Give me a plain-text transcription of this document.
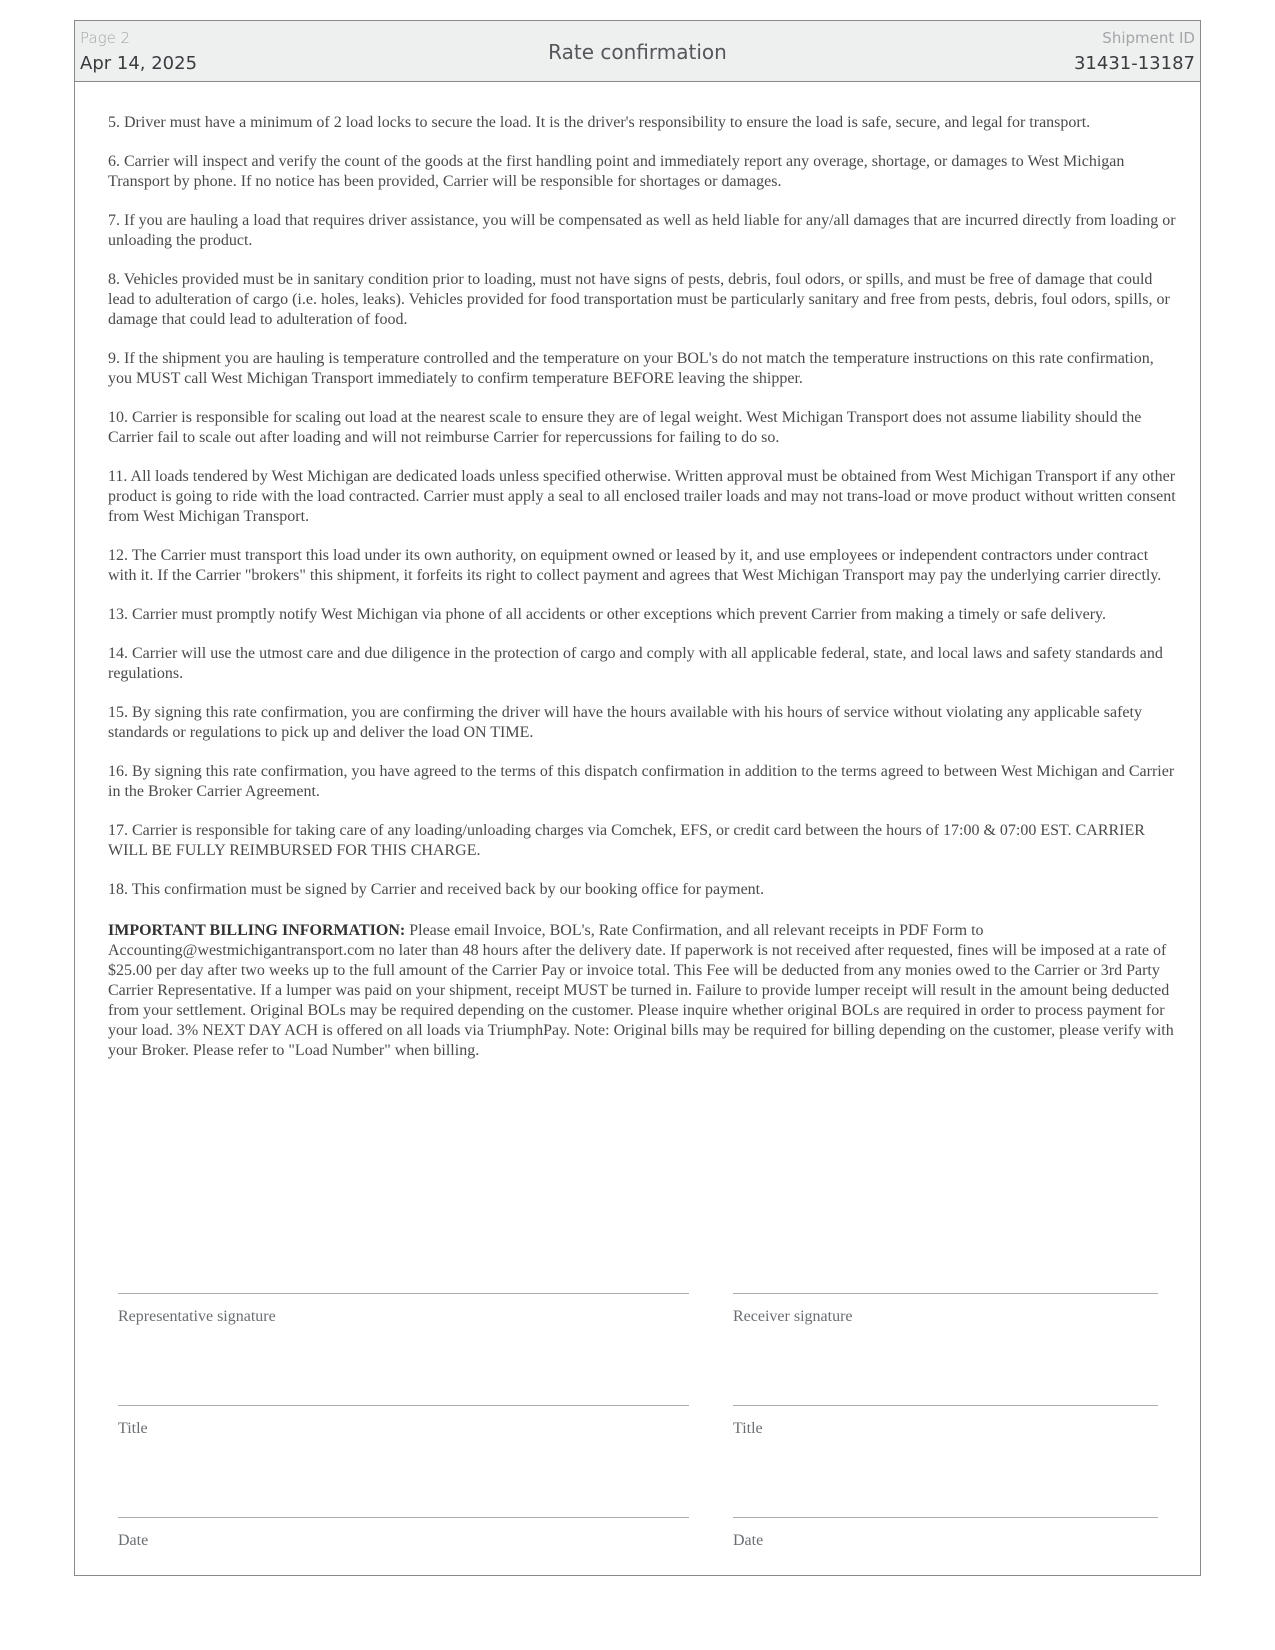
Page 2
Apr 14, 2025	Rate confirmation
Shipment ID
31431-13187

5. Driver must have a minimum of 2 load locks to secure the load. It is the driver's responsibility to ensure the load is safe, secure, and legal for transport.

6. Carrier will inspect and verify the count of the goods at the first handling point and immediately report any overage, shortage, or damages to West Michigan Transport by phone. If no notice has been provided, Carrier will be responsible for shortages or damages.

7. If you are hauling a load that requires driver assistance, you will be compensated as well as held liable for any/all damages that are incurred directly from loading or unloading the product.

8. Vehicles provided must be in sanitary condition prior to loading, must not have signs of pests, debris, foul odors, or spills, and must be free of damage that could lead to adulteration of cargo (i.e. holes, leaks). Vehicles provided for food transportation must be particularly sanitary and free from pests, debris, foul odors, spills, or damage that could lead to adulteration of food.

9. If the shipment you are hauling is temperature controlled and the temperature on your BOL's do not match the temperature instructions on this rate confirmation, you MUST call West Michigan Transport immediately to confirm temperature BEFORE leaving the shipper.

10. Carrier is responsible for scaling out load at the nearest scale to ensure they are of legal weight. West Michigan Transport does not assume liability should the Carrier fail to scale out after loading and will not reimburse Carrier for repercussions for failing to do so.

11. All loads tendered by West Michigan are dedicated loads unless specified otherwise. Written approval must be obtained from West Michigan Transport if any other product is going to ride with the load contracted. Carrier must apply a seal to all enclosed trailer loads and may not trans-load or move product without written consent from West Michigan Transport.

12. The Carrier must transport this load under its own authority, on equipment owned or leased by it, and use employees or independent contractors under contract with it. If the Carrier "brokers" this shipment, it forfeits its right to collect payment and agrees that West Michigan Transport may pay the underlying carrier directly.

13. Carrier must promptly notify West Michigan via phone of all accidents or other exceptions which prevent Carrier from making a timely or safe delivery.

14. Carrier will use the utmost care and due diligence in the protection of cargo and comply with all applicable federal, state, and local laws and safety standards and regulations.

15. By signing this rate confirmation, you are confirming the driver will have the hours available with his hours of service without violating any applicable safety standards or regulations to pick up and deliver the load ON TIME.

16. By signing this rate confirmation, you have agreed to the terms of this dispatch confirmation in addition to the terms agreed to between West Michigan and Carrier in the Broker Carrier Agreement.

17. Carrier is responsible for taking care of any loading/unloading charges via Comchek, EFS, or credit card between the hours of 17:00 & 07:00 EST. CARRIER WILL BE FULLY REIMBURSED FOR THIS CHARGE.

18. This confirmation must be signed by Carrier and received back by our booking office for payment.

IMPORTANT BILLING INFORMATION: Please email Invoice, BOL's, Rate Confirmation, and all relevant receipts in PDF Form to Accounting@westmichigantransport.com no later than 48 hours after the delivery date. If paperwork is not received after requested, fines will be imposed at a rate of $25.00 per day after two weeks up to the full amount of the Carrier Pay or invoice total. This Fee will be deducted from any monies owed to the Carrier or 3rd Party Carrier Representative. If a lumper was paid on your shipment, receipt MUST be turned in. Failure to provide lumper receipt will result in the amount being deducted from your settlement. Original BOLs may be required depending on the customer. Please inquire whether original BOLs are required in order to process payment for your load. 3% NEXT DAY ACH is offered on all loads via TriumphPay. Note: Original bills may be required for billing depending on the customer, please verify with your Broker. Please refer to "Load Number" when billing.

Representative signature
Title
Date
Receiver signature
Title
Date
